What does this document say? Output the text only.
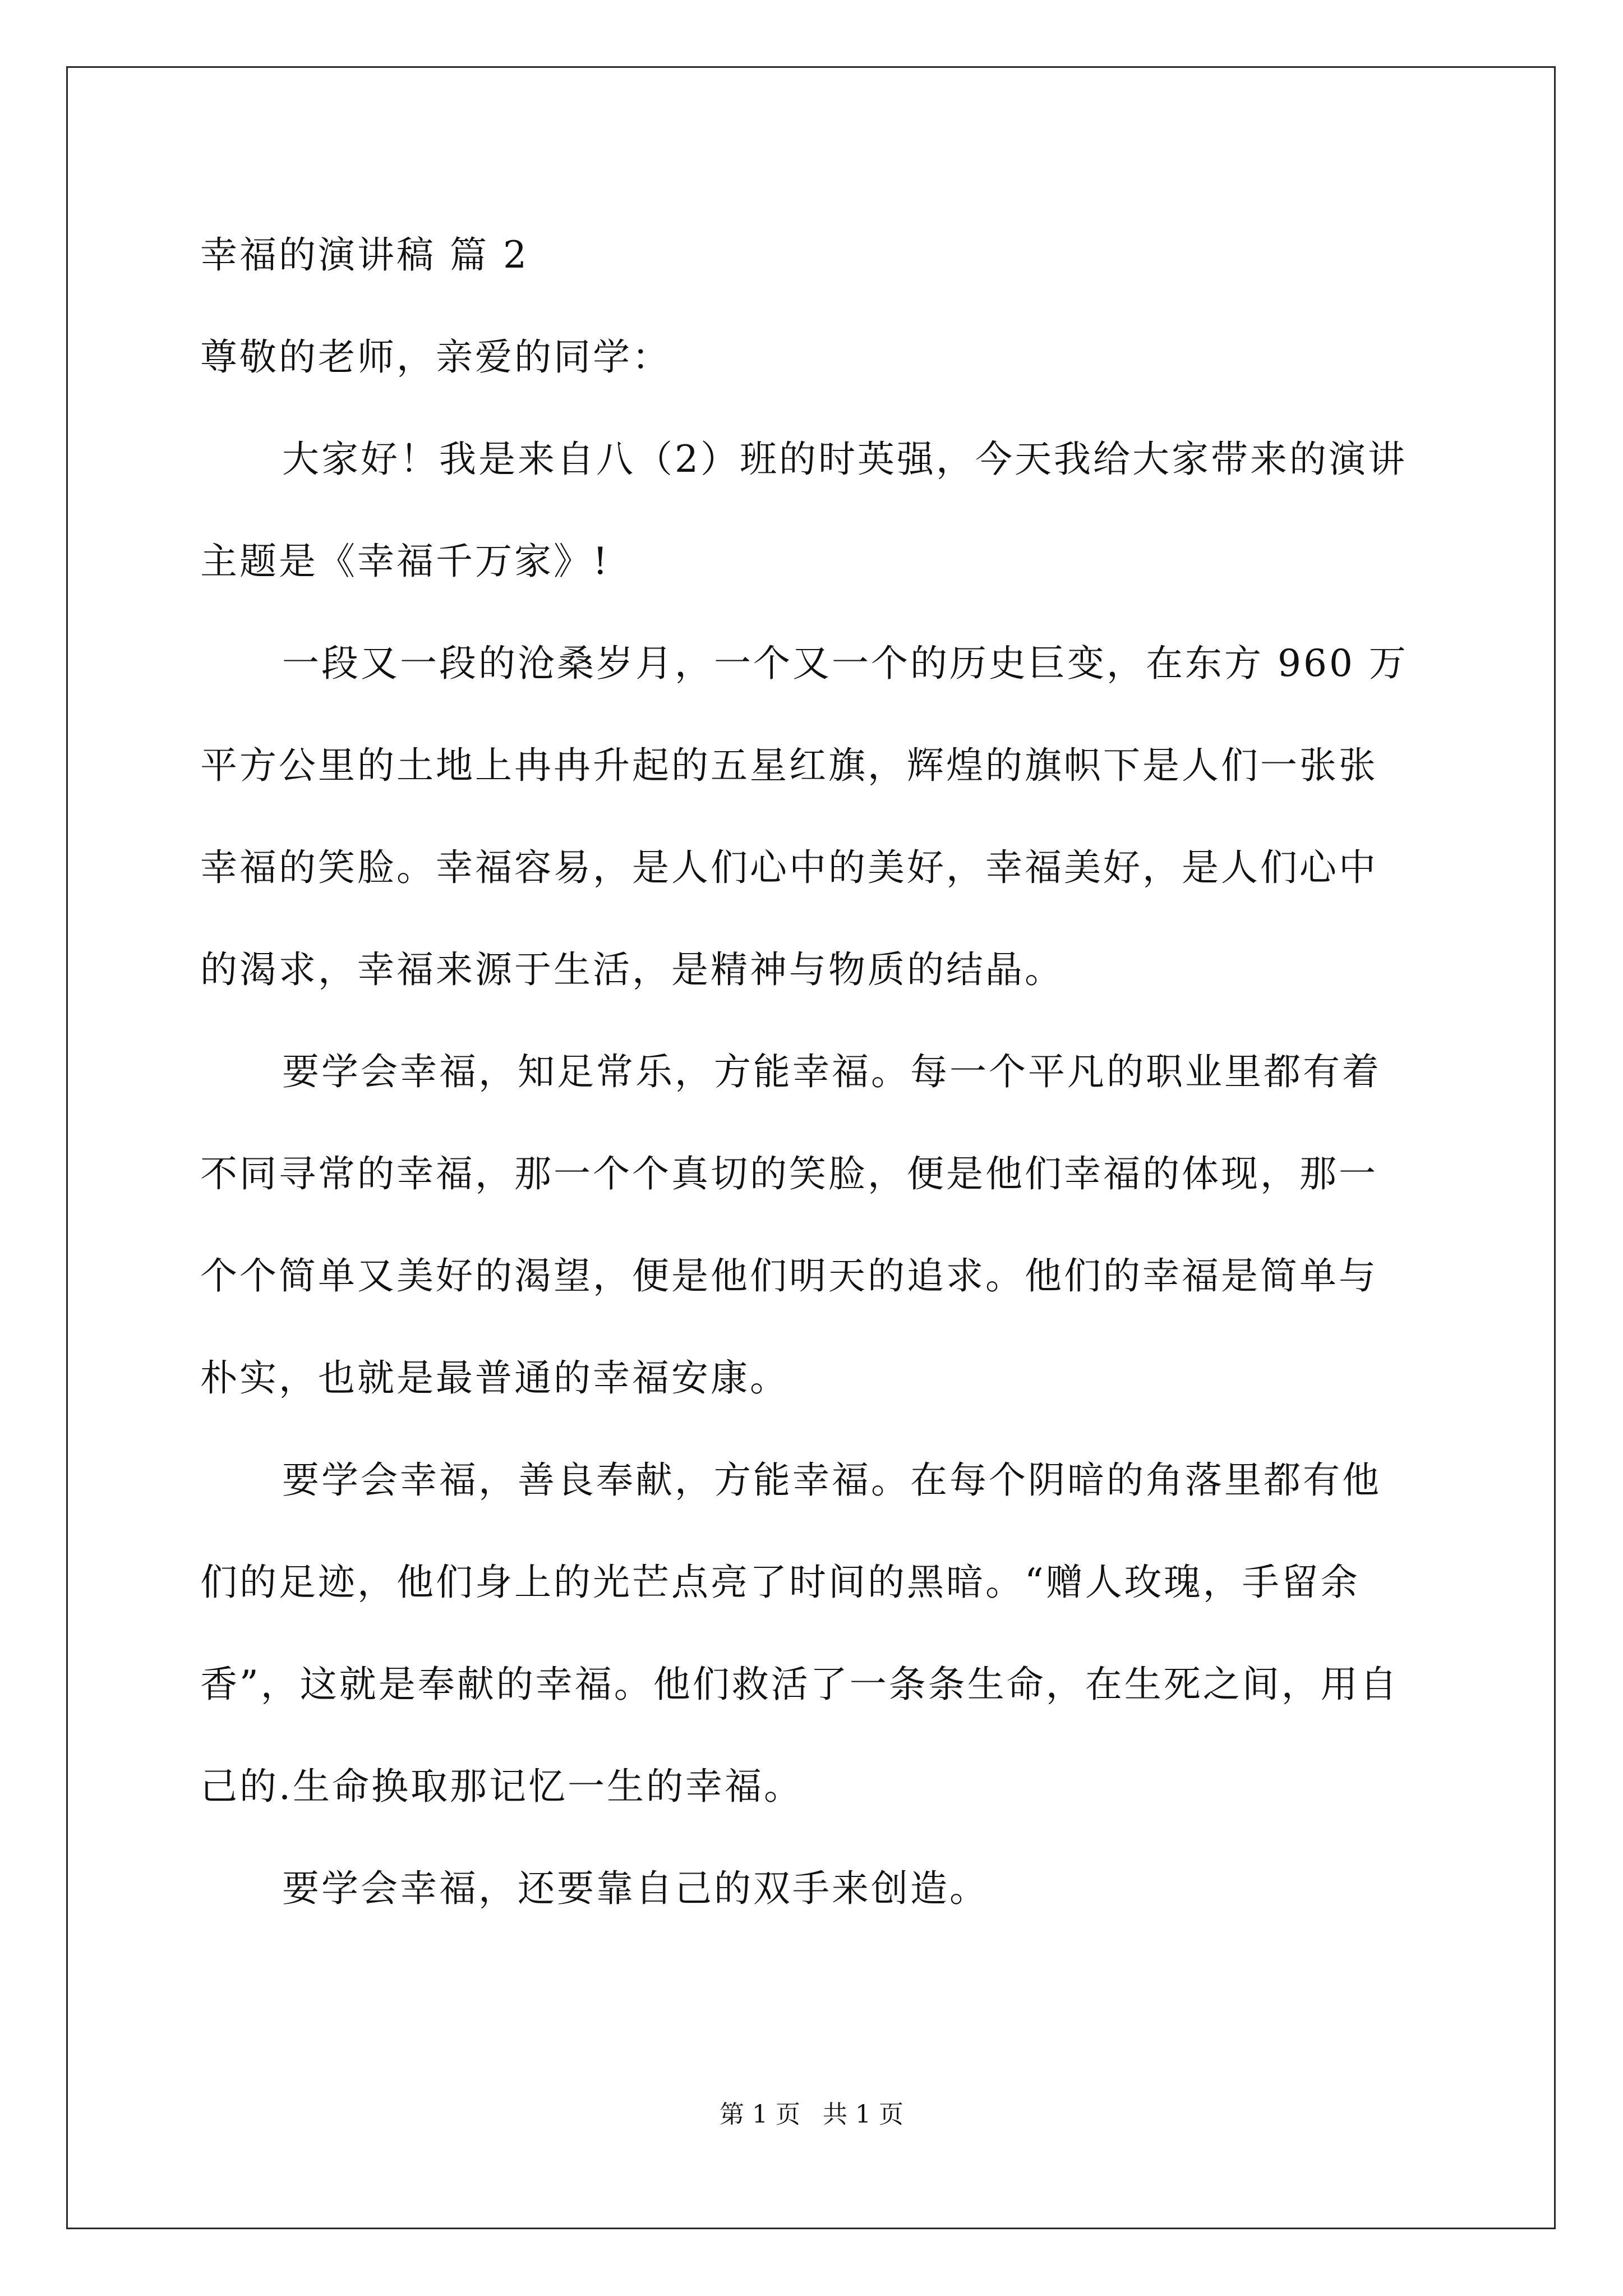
幸福的演讲稿 篇 2

尊敬的老师，亲爱的同学：

大家好！我是来自八（2）班的时英强，今天我给大家带来的演讲
主题是《幸福千万家》!
一段又一段的沧桑岁月，一个又一个的历史巨变，在东方 960 万
平方公里的土地上冉冉升起的五星红旗，辉煌的旗帜下是人们一张张
幸福的笑脸。幸福容易，是人们心中的美好，幸福美好，是人们心中
的渴求，幸福来源于生活，是精神与物质的结晶。
要学会幸福，知足常乐，方能幸福。每一个平凡的职业里都有着
不同寻常的幸福，那一个个真切的笑脸，便是他们幸福的体现，那一
个个简单又美好的渴望，便是他们明天的追求。他们的幸福是简单与
朴实，也就是最普通的幸福安康。
要学会幸福，善良奉献，方能幸福。在每个阴暗的角落里都有他
们的足迹，他们身上的光芒点亮了时间的黑暗。“赠人玫瑰，手留余
香”，这就是奉献的幸福。他们救活了一条条生命，在生死之间，用自
己的.生命换取那记忆一生的幸福。
要学会幸福，还要靠自己的双手来创造。
第 1 页 共 1 页
